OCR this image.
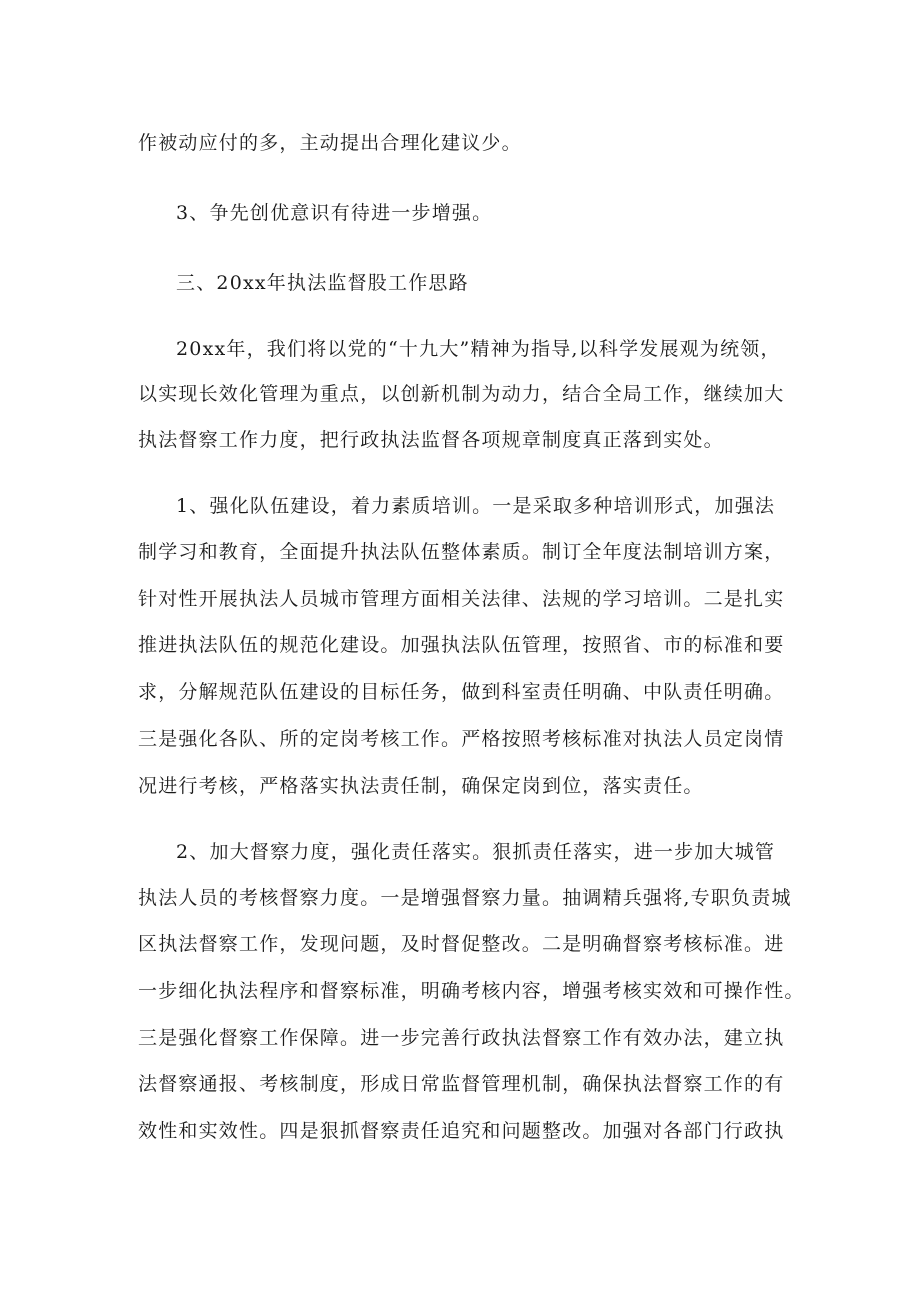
作被动应付的多，主动提出合理化建议少。
3、争先创优意识有待进一步增强。
三、20xx年执法监督股工作思路
20xx年，我们将以党的“十九大”精神为指导,以科学发展观为统领，
以实现长效化管理为重点，以创新机制为动力，结合全局工作，继续加大
执法督察工作力度，把行政执法监督各项规章制度真正落到实处。
1、强化队伍建设，着力素质培训。一是采取多种培训形式，加强法
制学习和教育，全面提升执法队伍整体素质。制订全年度法制培训方案，
针对性开展执法人员城市管理方面相关法律、法规的学习培训。二是扎实
推进执法队伍的规范化建设。加强执法队伍管理，按照省、市的标准和要
求，分解规范队伍建设的目标任务，做到科室责任明确、中队责任明确。
三是强化各队、所的定岗考核工作。严格按照考核标准对执法人员定岗情
况进行考核，严格落实执法责任制，确保定岗到位，落实责任。
2、加大督察力度，强化责任落实。狠抓责任落实，进一步加大城管
执法人员的考核督察力度。一是增强督察力量。抽调精兵强将,专职负责城
区执法督察工作，发现问题，及时督促整改。二是明确督察考核标准。进
一步细化执法程序和督察标准，明确考核内容，增强考核实效和可操作性。
三是强化督察工作保障。进一步完善行政执法督察工作有效办法，建立执
法督察通报、考核制度，形成日常监督管理机制，确保执法督察工作的有
效性和实效性。四是狠抓督察责任追究和问题整改。加强对各部门行政执
